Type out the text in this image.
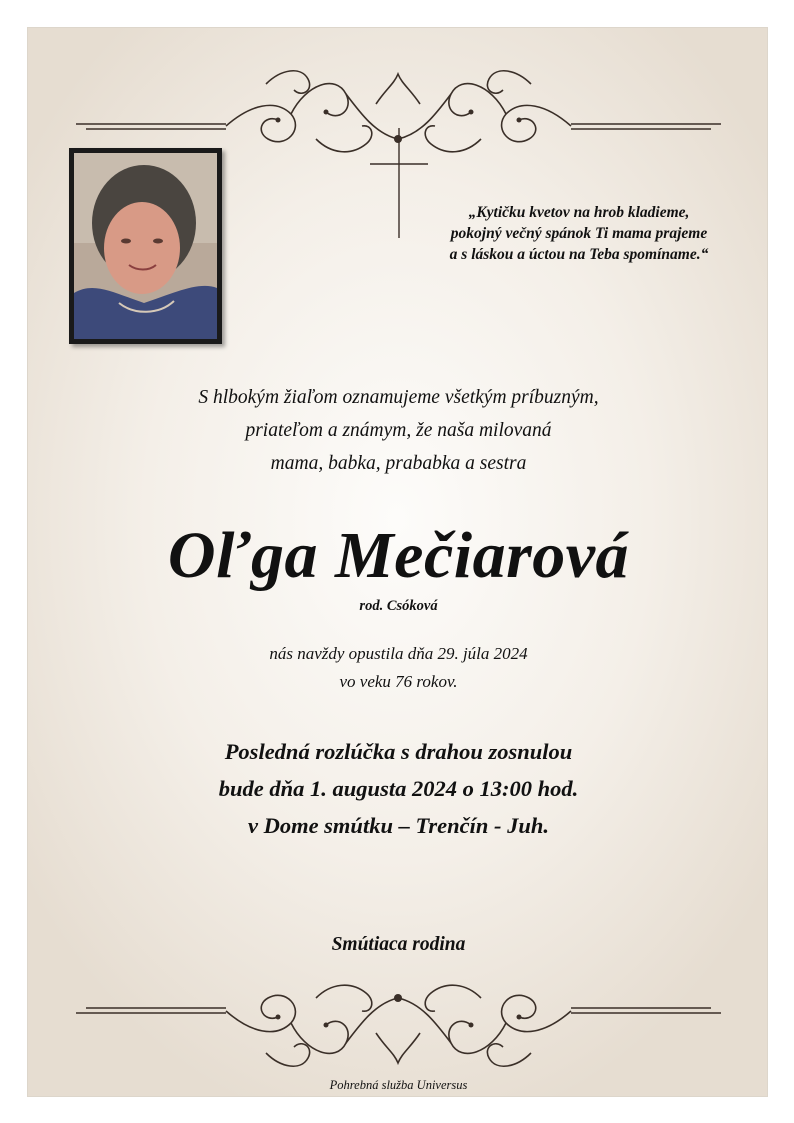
„Kytičku kvetov na hrob kladieme,
pokojný večný spánok Ti mama prajeme
a s láskou a úctou na Teba spomíname.“
S hlbokým žiaľom oznamujeme všetkým príbuzným,
priateľom a známym, že naša milovaná
mama, babka, prababka a sestra
Oľga Mečiarová
rod. Csóková
nás navždy opustila dňa 29. júla 2024
vo veku 76 rokov.
Posledná rozlúčka s drahou zosnulou
bude dňa 1. augusta 2024 o 13:00 hod.
v Dome smútku – Trenčín - Juh.
Smútiaca rodina
Pohrebná služba Universus
